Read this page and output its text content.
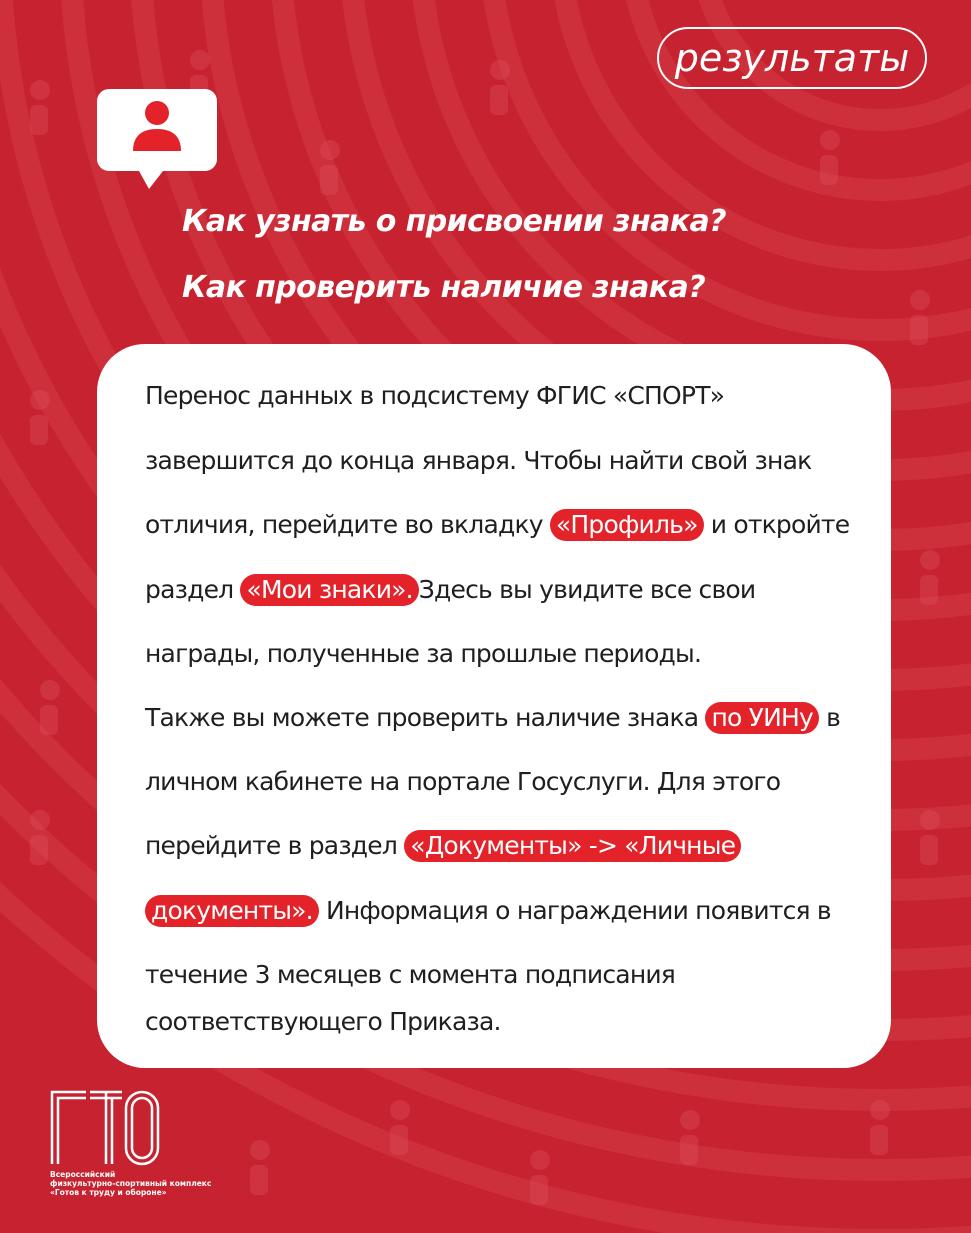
результаты
Как узнать о присвоении знака?
Как проверить наличие знака?
Перенос данных в подсистему ФГИС «СПОРТ»
завершится до конца января. Чтобы найти свой знак
отличия, перейдите во вкладку «Профиль» и откройте
раздел «Мои знаки». Здесь вы увидите все свои
награды, полученные за прошлые периоды.
Также вы можете проверить наличие знака по УИНу в
личном кабинете на портале Госуслуги. Для этого
перейдите в раздел «Документы» -> «Личные
документы». Информация о награждении появится в
течение 3 месяцев с момента подписания
соответствующего Приказа.
Всероссийский
физкультурно-спортивный комплекс
«Готов к труду и обороне»
